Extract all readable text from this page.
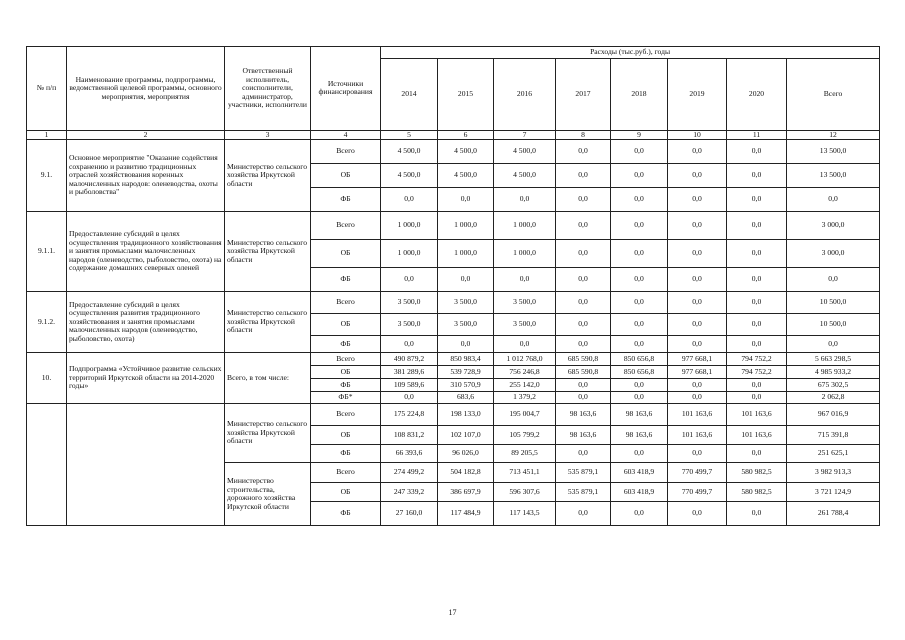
№ п/п	Наименование программы, подпрограммы, ведомственной целевой программы, основного мероприятия, мероприятия	Ответственный исполнитель, соисполнители, администратор, участники, исполнители	Источники финансирования	Расходы (тыс.руб.), годы							
				2014	2015	2016	2017	2018	2019	2020	Всего
1	2	3	4	5	6	7	8	9	10	11	12
9.1.	Основное мероприятие "Оказание содействия сохранению и развитию традиционных отраслей хозяйствования коренных малочисленных народов: оленеводства, охоты и рыболовства"	Министерство сельского хозяйства Иркутской области	Всего	4 500,0	4 500,0	4 500,0	0,0	0,0	0,0	0,0	13 500,0
			ОБ	4 500,0	4 500,0	4 500,0	0,0	0,0	0,0	0,0	13 500,0
			ФБ	0,0	0,0	0,0	0,0	0,0	0,0	0,0	0,0
9.1.1.	Предоставление субсидий в целях осуществления традиционного хозяйствования и занятия промыслами малочисленных народов (оленеводство, рыболовство, охота) на содержание домашних северных оленей	Министерство сельского хозяйства Иркутской области	Всего	1 000,0	1 000,0	1 000,0	0,0	0,0	0,0	0,0	3 000,0
			ОБ	1 000,0	1 000,0	1 000,0	0,0	0,0	0,0	0,0	3 000,0
			ФБ	0,0	0,0	0,0	0,0	0,0	0,0	0,0	0,0
9.1.2.	Предоставление субсидий в целях осуществления развития традиционного хозяйствования и занятия промыслами малочисленных народов (оленеводство, рыболовство, охота)	Министерство сельского хозяйства Иркутской области	Всего	3 500,0	3 500,0	3 500,0	0,0	0,0	0,0	0,0	10 500,0
			ОБ	3 500,0	3 500,0	3 500,0	0,0	0,0	0,0	0,0	10 500,0
			ФБ	0,0	0,0	0,0	0,0	0,0	0,0	0,0	0,0
10.	Подпрограмма «Устойчивое развитие сельских территорий Иркутской области на 2014-2020 годы»	Всего, в том числе:	Всего	490 879,2	850 983,4	1 012 768,0	685 590,8	850 656,8	977 668,1	794 752,2	5 663 298,5
			ОБ	381 289,6	539 728,9	756 246,8	685 590,8	850 656,8	977 668,1	794 752,2	4 985 933,2
			ФБ	109 589,6	310 570,9	255 142,0	0,0	0,0	0,0	0,0	675 302,5
			ФБ*	0,0	683,6	1 379,2	0,0	0,0	0,0	0,0	2 062,8
		Министерство сельского хозяйства Иркутской области	Всего	175 224,8	198 133,0	195 004,7	98 163,6	98 163,6	101 163,6	101 163,6	967 016,9
			ОБ	108 831,2	102 107,0	105 799,2	98 163,6	98 163,6	101 163,6	101 163,6	715 391,8
			ФБ	66 393,6	96 026,0	89 205,5	0,0	0,0	0,0	0,0	251 625,1
		Министерство строительства, дорожного хозяйства Иркутской области	Всего	274 499,2	504 182,8	713 451,1	535 879,1	603 418,9	770 499,7	580 982,5	3 982 913,3
			ОБ	247 339,2	386 697,9	596 307,6	535 879,1	603 418,9	770 499,7	580 982,5	3 721 124,9
			ФБ	27 160,0	117 484,9	117 143,5	0,0	0,0	0,0	0,0	261 788,4
17
